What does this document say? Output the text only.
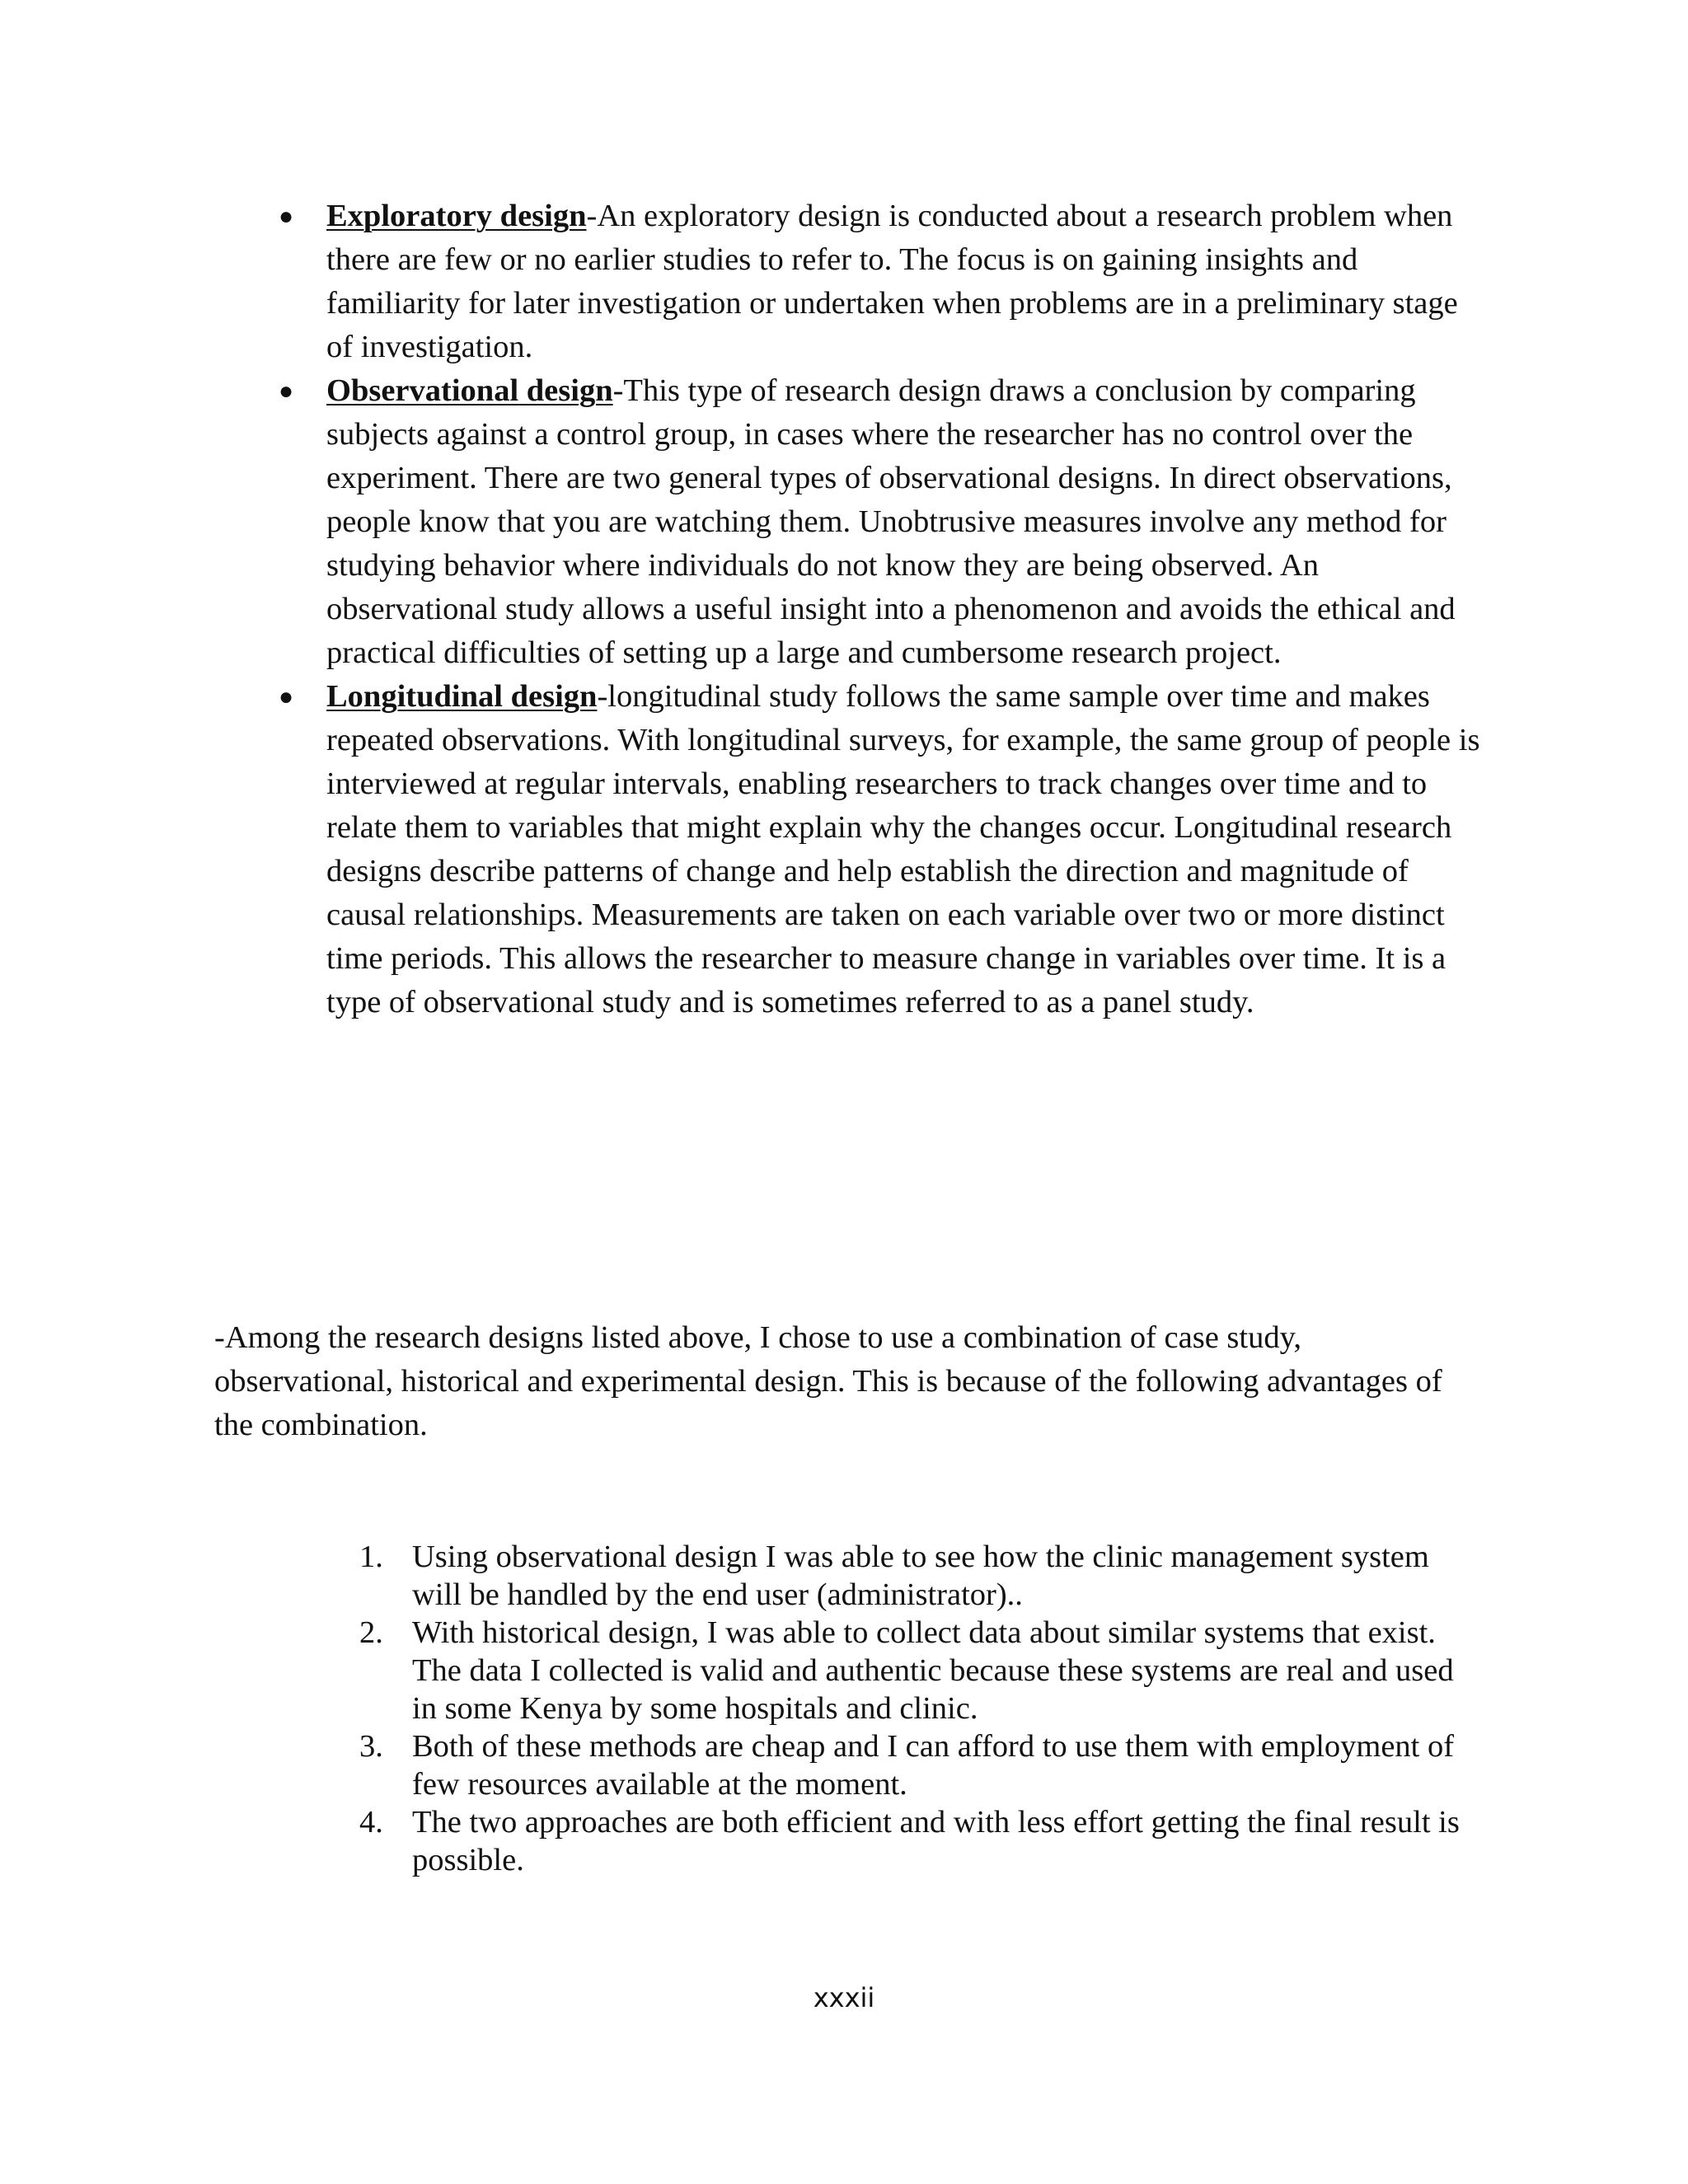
● Exploratory design-An exploratory design is conducted about a research problem when there are few or no earlier studies to refer to. The focus is on gaining insights and familiarity for later investigation or undertaken when problems are in a preliminary stage of investigation.
● Observational design-This type of research design draws a conclusion by comparing subjects against a control group, in cases where the researcher has no control over the experiment. There are two general types of observational designs. In direct observations, people know that you are watching them. Unobtrusive measures involve any method for studying behavior where individuals do not know they are being observed. An observational study allows a useful insight into a phenomenon and avoids the ethical and practical difficulties of setting up a large and cumbersome research project.
● Longitudinal design-longitudinal study follows the same sample over time and makes repeated observations. With longitudinal surveys, for example, the same group of people is interviewed at regular intervals, enabling researchers to track changes over time and to relate them to variables that might explain why the changes occur. Longitudinal research designs describe patterns of change and help establish the direction and magnitude of causal relationships. Measurements are taken on each variable over two or more distinct time periods. This allows the researcher to measure change in variables over time. It is a type of observational study and is sometimes referred to as a panel study.

-Among the research designs listed above, I chose to use a combination of case study, observational, historical and experimental design. This is because of the following advantages of the combination.

1. Using observational design I was able to see how the clinic management system will be handled by the end user (administrator)..
2. With historical design, I was able to collect data about similar systems that exist. The data I collected is valid and authentic because these systems are real and used in some Kenya by some hospitals and clinic.
3. Both of these methods are cheap and I can afford to use them with employment of few resources available at the moment.
4. The two approaches are both efficient and with less effort getting the final result is possible.
xxxii
